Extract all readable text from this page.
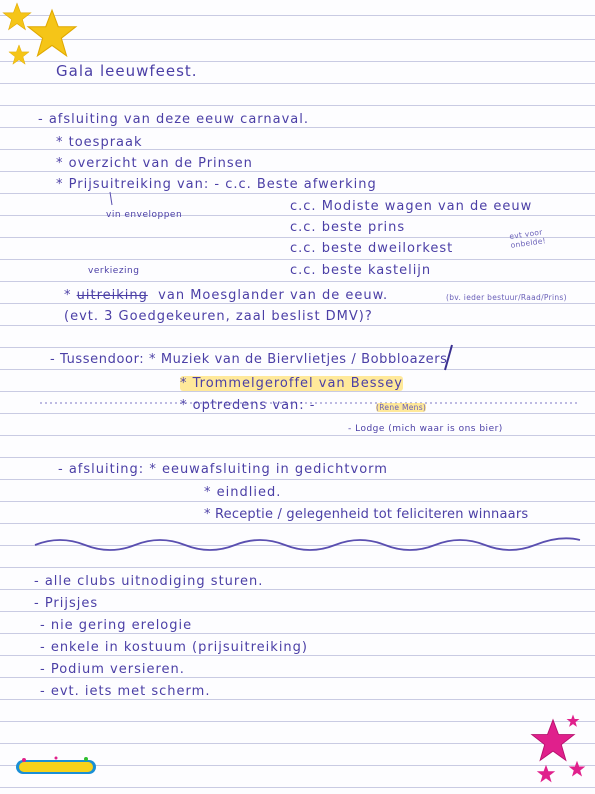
Gala leeuwfeest.
- afsluiting van deze eeuw carnaval.
* toespraak
* overzicht van de Prinsen
* Prijsuitreiking van: - c.c. Beste afwerking
c.c. Modiste wagen van de eeuw
vin enveloppen
c.c. beste prins
c.c. beste dweilorkest
evt voor onbelde!
verkiezing	c.c. beste kastelijn
* uitreiking van Moesglander van de eeuw.	(bv. ieder bestuur/Raad/Prins)
(evt. 3 Goedgekeuren, zaal beslist DMV)?
- Tussendoor: * Muziek van de Biervlietjes / Bobbloazers
* Trommelgeroffel van Bessey
* optredens van: -	(Rene Mens)
- Lodge (mich waar is ons bier)
- afsluiting: * eeuwafsluiting in gedichtvorm
* eindlied.
* Receptie / gelegenheid tot feliciteren winnaars
- alle clubs uitnodiging sturen.
- Prijsjes
- nie gering erelogie
- enkele in kostuum (prijsuitreiking)
- Podium versieren.
- evt. iets met scherm.
